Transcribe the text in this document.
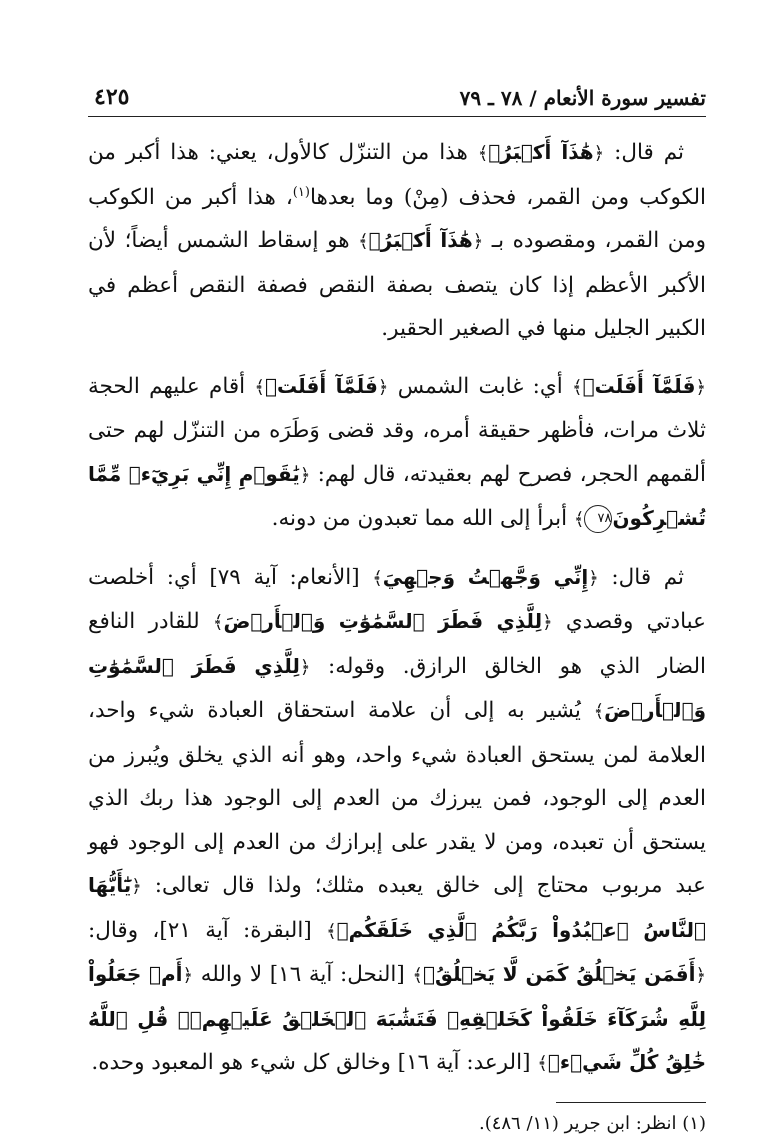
تفسير سورة الأنعام / ٧٨ ـ ٧٩
٤٢٥

ثم قال: ﴿هَٰذَآ أَكۡبَرُۖ﴾ هذا من التنزّل كالأول، يعني: هذا أكبر من الكوكب ومن القمر، فحذف (مِنْ) وما بعدها$^{(١)}$، هذا أكبر من الكوكب ومن القمر، ومقصوده بـ ﴿هَٰذَآ أَكۡبَرُۖ﴾ هو إسقاط الشمس أيضاً؛ لأن الأكبر الأعظم إذا كان يتصف بصفة النقص فصفة النقص أعظم في الكبير الجليل منها في الصغير الحقير.

﴿فَلَمَّآ أَفَلَتۡ﴾ أي: غابت الشمس ﴿فَلَمَّآ أَفَلَتۡ﴾ أقام عليهم الحجة ثلاث مرات، فأظهر حقيقة أمره، وقد قضى وَطَرَه من التنزّل لهم حتى ألقمهم الحجر، فصرح لهم بعقيدته، قال لهم: ﴿يَٰقَوۡمِ إِنِّي بَرِيٓءٞ مِّمَّا تُشۡرِكُونَ٧٨﴾ أبرأ إلى الله مما تعبدون من دونه.

ثم قال: ﴿إِنِّي وَجَّهۡتُ وَجۡهِيَ﴾ [الأنعام: آية ٧٩] أي: أخلصت عبادتي وقصدي ﴿لِلَّذِي فَطَرَ ٱلسَّمَٰوَٰتِ وَٱلۡأَرۡضَ﴾ للقادر النافع الضار الذي هو الخالق الرازق. وقوله: ﴿لِلَّذِي فَطَرَ ٱلسَّمَٰوَٰتِ وَٱلۡأَرۡضَ﴾ يُشير به إلى أن علامة استحقاق العبادة شيء واحد، العلامة لمن يستحق العبادة شيء واحد، وهو أنه الذي يخلق ويُبرز من العدم إلى الوجود، فمن يبرزك من العدم إلى الوجود هذا ربك الذي يستحق أن تعبده، ومن لا يقدر على إبرازك من العدم إلى الوجود فهو عبد مربوب محتاج إلى خالق يعبده مثلك؛ ولذا قال تعالى: ﴿يَٰٓأَيُّهَا ٱلنَّاسُ ٱعۡبُدُواْ رَبَّكُمُ ٱلَّذِي خَلَقَكُمۡ﴾ [البقرة: آية ٢١]، وقال: ﴿أَفَمَن يَخۡلُقُ كَمَن لَّا يَخۡلُقُۚ﴾ [النحل: آية ١٦] لا والله ﴿أَمۡ جَعَلُواْ لِلَّهِ شُرَكَآءَ خَلَقُواْ كَخَلۡقِهِۦ فَتَشَٰبَهَ ٱلۡخَلۡقُ عَلَيۡهِمۡۚ قُلِ ٱللَّهُ خَٰلِقُ كُلِّ شَيۡءٖ﴾ [الرعد: آية ١٦] وخالق كل شيء هو المعبود وحده.

(١) انظر: ابن جرير (١١/ ٤٨٦).
